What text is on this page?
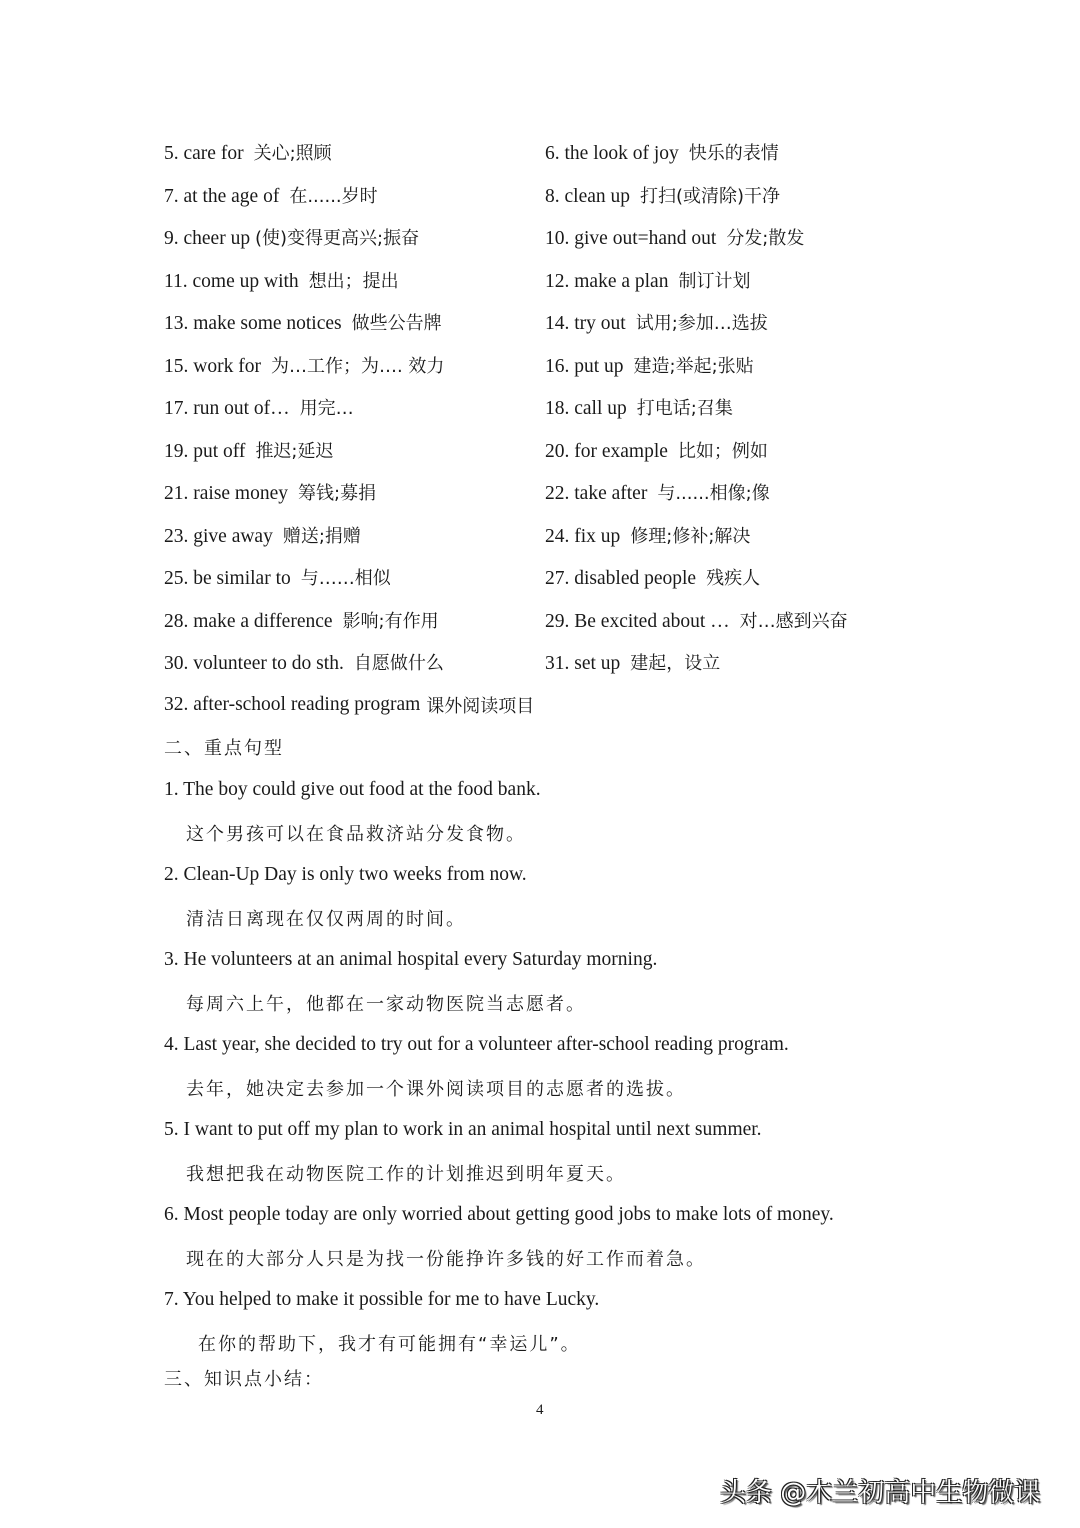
5. care for 关心;照顾	6. the look of joy 快乐的表情
7. at the age of 在......岁时	8. clean up 打扫(或清除)干净
9. cheer up (使)变得更高兴;振奋	10. give out=hand out 分发;散发
11. come up with 想出；提出	12. make a plan 制订计划
13. make some notices 做些公告牌	14. try out 试用;参加…选拔
15. work for 为…工作；为…. 效力	16. put up 建造;举起;张贴
17. run out of… 用完…	18. call up 打电话;召集
19. put off 推迟;延迟	20. for example 比如；例如
21. raise money 筹钱;募捐	22. take after 与......相像;像
23. give away 赠送;捐赠	24. fix up 修理;修补;解决
25. be similar to 与……相似	27. disabled people 残疾人
28. make a difference 影响;有作用	29. Be excited about … 对…感到兴奋
30. volunteer to do sth. 自愿做什么	31. set up 建起，设立
32.
after-school reading program 课外阅读项目
二、重点句型
1. The boy could give out food at the food bank.
这个男孩可以在食品救济站分发食物。
2. Clean-Up Day is only two weeks from now.
清洁日离现在仅仅两周的时间。
3. He volunteers at an animal hospital every Saturday morning.
每周六上午，他都在一家动物医院当志愿者。
4. Last year, she decided to try out for a volunteer after-school reading program.
去年，她决定去参加一个课外阅读项目的志愿者的选拔。
5. I want to put off my plan to work in an animal hospital until next summer.
我想把我在动物医院工作的计划推迟到明年夏天。
6. Most people today are only worried about getting good jobs to make lots of money.
现在的大部分人只是为找一份能挣许多钱的好工作而着急。
7. You helped to make it possible for me to have Lucky.
在你的帮助下，我才有可能拥有“幸运儿”。
三、知识点小结：
4
头条 @木兰初高中生物微课
